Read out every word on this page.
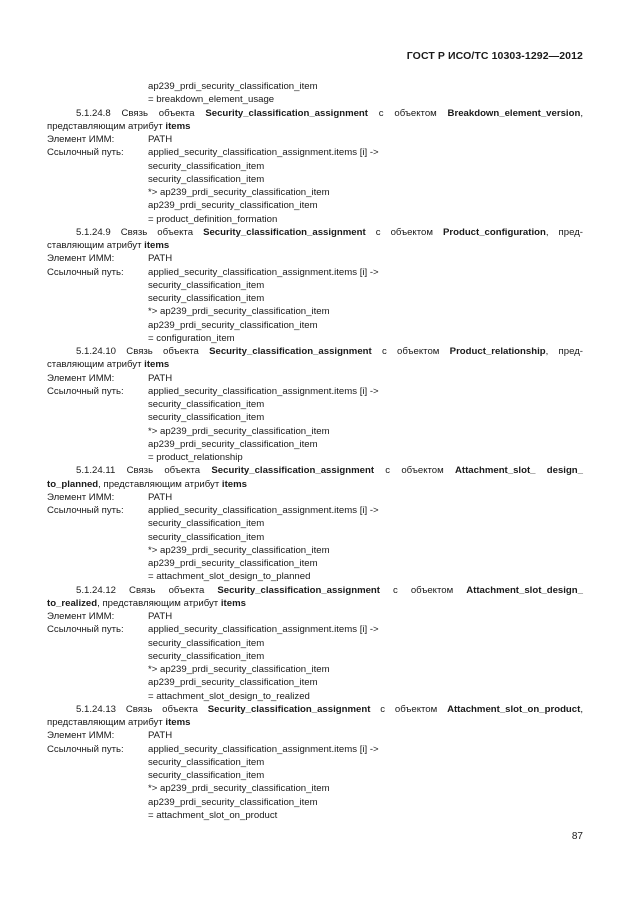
ГОСТ Р ИСО/ТС 10303-1292—2012
ap239_prdi_security_classification_item
= breakdown_element_usage
5.1.24.8 Связь объекта Security_classification_assignment с объектом Breakdown_element_version,
представляющим атрибут items
Элемент ИММ:	PATH
Ссылочный путь:	applied_security_classification_assignment.items [i] ->
security_classification_item
security_classification_item
*> ap239_prdi_security_classification_item
ap239_prdi_security_classification_item
= product_definition_formation
5.1.24.9 Связь объекта Security_classification_assignment с объектом Product_configuration, пред-
ставляющим атрибут items
Элемент ИММ:	PATH
Ссылочный путь:	applied_security_classification_assignment.items [i] ->
security_classification_item
security_classification_item
*> ap239_prdi_security_classification_item
ap239_prdi_security_classification_item
= configuration_item
5.1.24.10 Связь объекта Security_classification_assignment с объектом Product_relationship, пред-
ставляющим атрибут items
Элемент ИММ:	PATH
Ссылочный путь:	applied_security_classification_assignment.items [i] ->
security_classification_item
security_classification_item
*> ap239_prdi_security_classification_item
ap239_prdi_security_classification_item
= product_relationship
5.1.24.11 Связь объекта Security_classification_assignment с объектом Attachment_slot_ design_
to_planned, представляющим атрибут items
Элемент ИММ:	PATH
Ссылочный путь:	applied_security_classification_assignment.items [i] ->
security_classification_item
security_classification_item
*> ap239_prdi_security_classification_item
ap239_prdi_security_classification_item
= attachment_slot_design_to_planned
5.1.24.12 Связь объекта Security_classification_assignment с объектом Attachment_slot_design_
to_realized, представляющим атрибут items
Элемент ИММ:	PATH
Ссылочный путь:	applied_security_classification_assignment.items [i] ->
security_classification_item
security_classification_item
*> ap239_prdi_security_classification_item
ap239_prdi_security_classification_item
= attachment_slot_design_to_realized
5.1.24.13 Связь объекта Security_classification_assignment с объектом Attachment_slot_on_product,
представляющим атрибут items
Элемент ИММ:	PATH
Ссылочный путь:	applied_security_classification_assignment.items [i] ->
security_classification_item
security_classification_item
*> ap239_prdi_security_classification_item
ap239_prdi_security_classification_item
= attachment_slot_on_product
87
